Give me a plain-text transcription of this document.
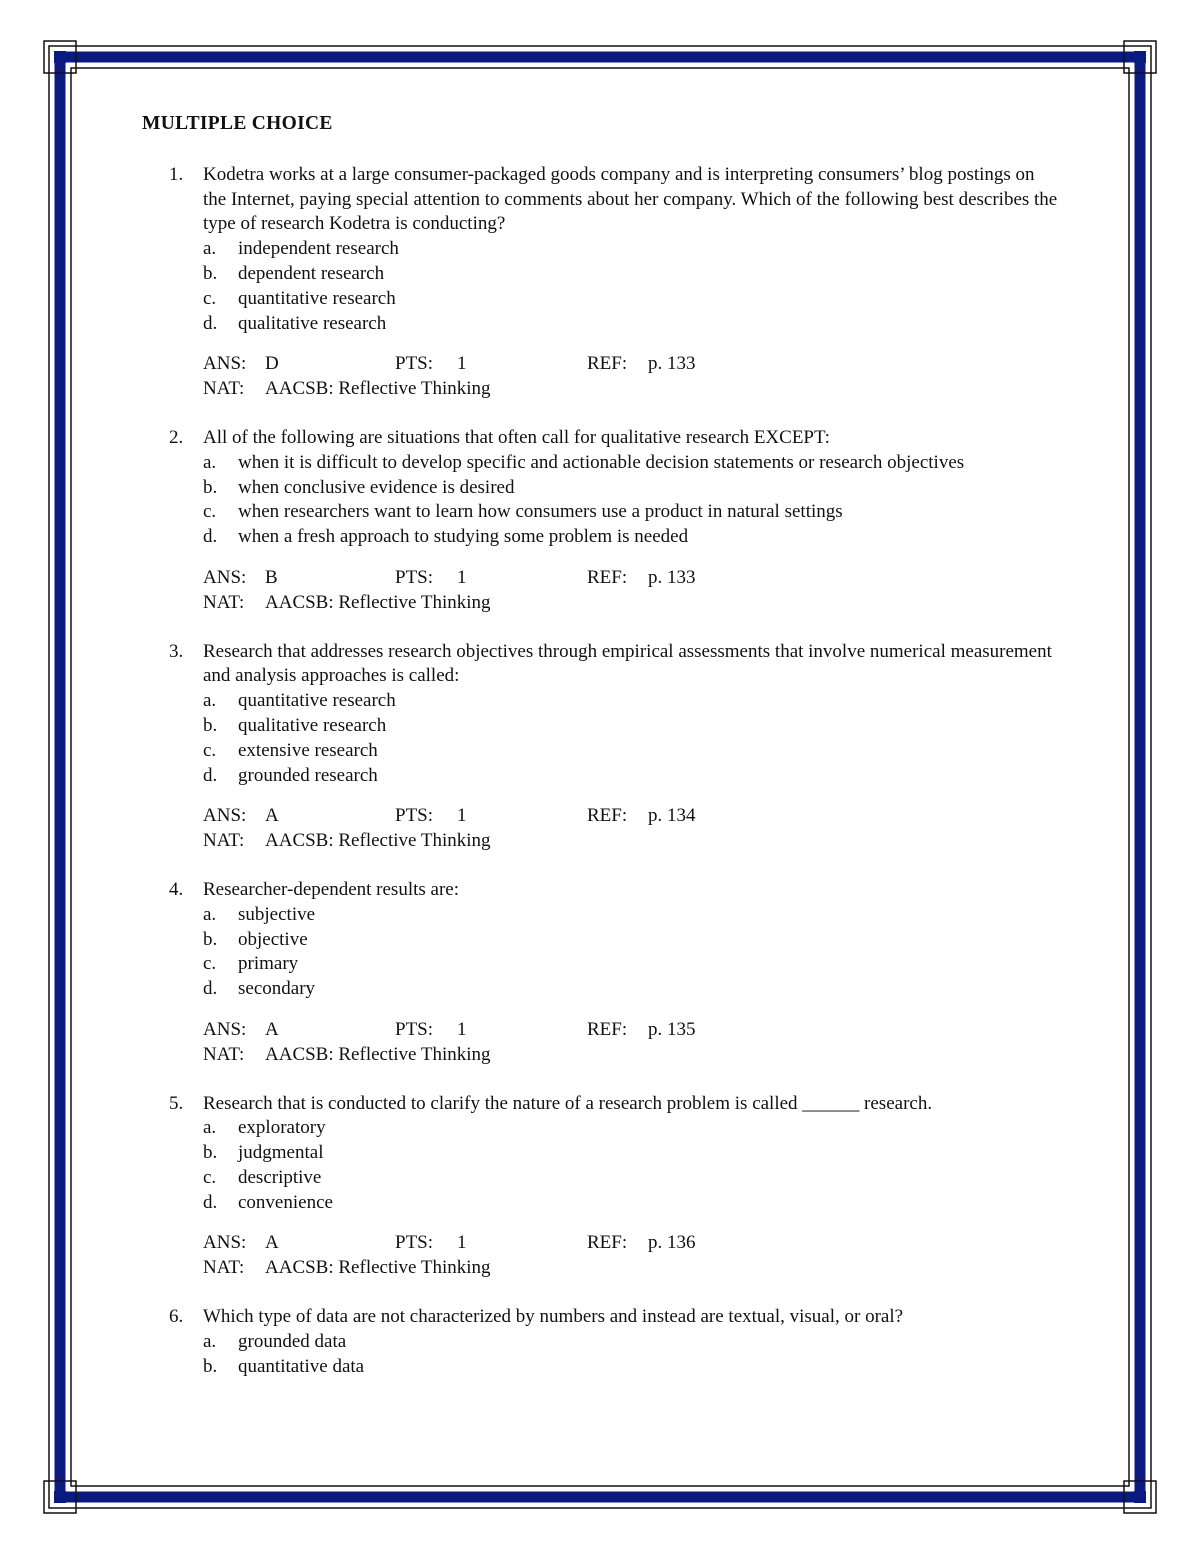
MULTIPLE CHOICE
1. Kodetra works at a large consumer-packaged goods company and is interpreting consumers’ blog postings on the Internet, paying special attention to comments about her company. Which of the following best describes the type of research Kodetra is conducting?
a. independent research
b. dependent research
c. quantitative research
d. qualitative research
ANS: D	PTS:	1	REF:	p. 133
NAT:	AACSB: Reflective Thinking
2. All of the following are situations that often call for qualitative research EXCEPT:
a. when it is difficult to develop specific and actionable decision statements or research objectives
b. when conclusive evidence is desired
c. when researchers want to learn how consumers use a product in natural settings
d. when a fresh approach to studying some problem is needed
ANS: B	PTS:	1	REF:	p. 133
NAT:	AACSB: Reflective Thinking
3. Research that addresses research objectives through empirical assessments that involve numerical measurement and analysis approaches is called:
a. quantitative research
b. qualitative research
c. extensive research
d. grounded research
ANS: A	PTS:	1	REF:	p. 134
NAT:	AACSB: Reflective Thinking
4. Researcher-dependent results are:
a. subjective
b. objective
c. primary
d. secondary
ANS: A	PTS:	1	REF:	p. 135
NAT:	AACSB: Reflective Thinking
5. Research that is conducted to clarify the nature of a research problem is called ______ research.
a. exploratory
b. judgmental
c. descriptive
d. convenience
ANS: A	PTS:	1	REF:	p. 136
NAT:	AACSB: Reflective Thinking
6. Which type of data are not characterized by numbers and instead are textual, visual, or oral?
a. grounded data
b. quantitative data
